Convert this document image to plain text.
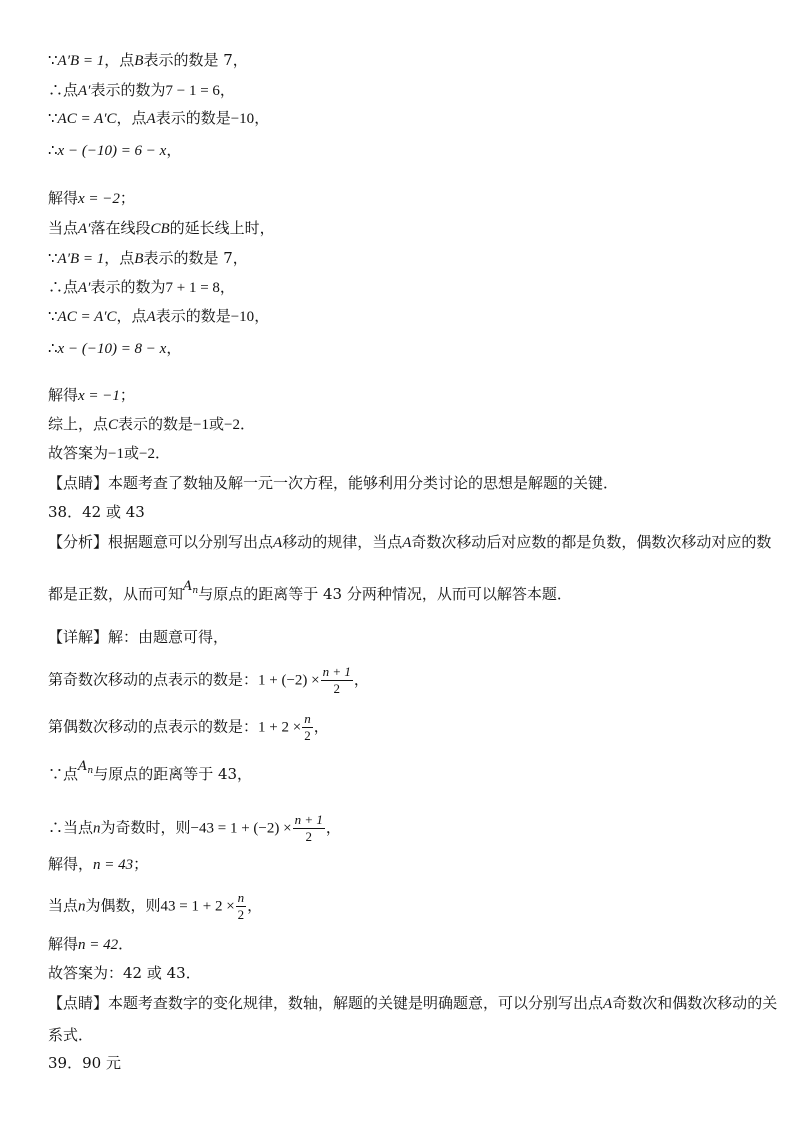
∵A′B = 1，点B表示的数是 7，
∴点A′表示的数为7 − 1 = 6，
∵AC = A′C，点A表示的数是−10，
∴x − (−10) = 6 − x，
解得x = −2；
当点A′落在线段CB的延长线上时，
∵A′B = 1，点B表示的数是 7，
∴点A′表示的数为7 + 1 = 8，
∵AC = A′C，点A表示的数是−10，
∴x − (−10) = 8 − x，
解得x = −1；
综上，点C表示的数是−1或−2．
故答案为−1或−2．
【点睛】本题考查了数轴及解一元一次方程，能够利用分类讨论的思想是解题的关键．
38．42 或 43
【分析】根据题意可以分别写出点A移动的规律，当点A奇数次移动后对应数的都是负数，偶数次移动对应的数
都是正数，从而可知$A_n$与原点的距离等于 43 分两种情况，从而可以解答本题．
【详解】解：由题意可得，
第奇数次移动的点表示的数是：$1 + (-2) \times \frac{n + 1}{2}$ ，
第偶数次移动的点表示的数是：$1 + 2 \times \frac{n}{2}$ ，
∵点$A_n$与原点的距离等于 43，
∴当点n为奇数时，则$-43 = 1 + (-2) \times \frac{n + 1}{2}$ ，
解得，n = 43；
当点n为偶数，则$43 = 1 + 2 \times \frac{n}{2}$ ，
解得n = 42．
故答案为：42 或 43．
【点睛】本题考查数字的变化规律，数轴，解题的关键是明确题意，可以分别写出点A奇数次和偶数次移动的关
系式．
39．90 元
